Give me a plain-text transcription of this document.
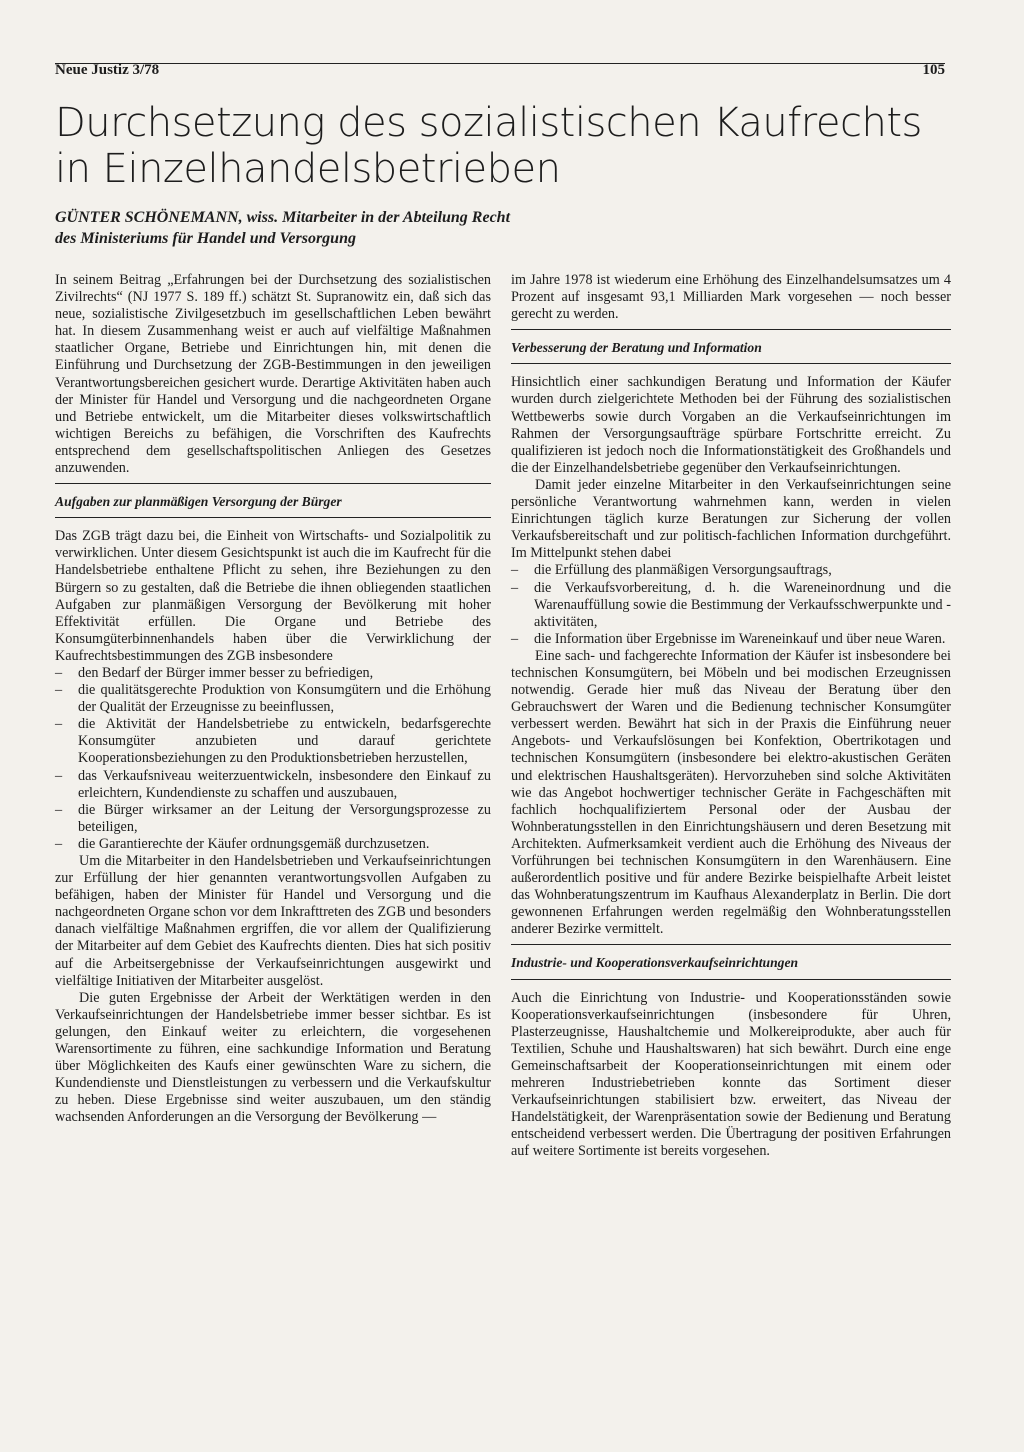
Neue Justiz 3/78	105
Durchsetzung des sozialistischen Kaufrechts
in Einzelhandelsbetrieben
GÜNTER SCHÖNEMANN, wiss. Mitarbeiter in der Abteilung Recht
des Ministeriums für Handel und Versorgung

In seinem Beitrag „Erfahrungen bei der Durchsetzung des sozialistischen Zivilrechts“ (NJ 1977 S. 189 ff.) schätzt St. Supranowitz ein, daß sich das neue, sozialistische Zivilgesetzbuch im gesellschaftlichen Leben bewährt hat. In diesem Zusammenhang weist er auch auf vielfältige Maßnahmen staatlicher Organe, Betriebe und Einrichtungen hin, mit denen die Einführung und Durchsetzung der ZGB-Bestimmungen in den jeweiligen Verantwortungsbereichen gesichert wurde. Derartige Aktivitäten haben auch der Minister für Handel und Versorgung und die nachgeordneten Organe und Betriebe entwickelt, um die Mitarbeiter dieses volkswirtschaftlich wichtigen Bereichs zu befähigen, die Vorschriften des Kaufrechts entsprechend dem gesellschaftspolitischen Anliegen des Gesetzes anzuwenden.

Aufgaben zur planmäßigen Versorgung der Bürger

Das ZGB trägt dazu bei, die Einheit von Wirtschafts- und Sozialpolitik zu verwirklichen. Unter diesem Gesichtspunkt ist auch die im Kaufrecht für die Handelsbetriebe enthaltene Pflicht zu sehen, ihre Beziehungen zu den Bürgern so zu gestalten, daß die Betriebe die ihnen obliegenden staatlichen Aufgaben zur planmäßigen Versorgung der Bevölkerung mit hoher Effektivität erfüllen. Die Organe und Betriebe des Konsumgüterbinnenhandels haben über die Verwirklichung der Kaufrechtsbestimmungen des ZGB insbesondere

– den Bedarf der Bürger immer besser zu befriedigen,
– die qualitätsgerechte Produktion von Konsumgütern und die Erhöhung der Qualität der Erzeugnisse zu beeinflussen,
– die Aktivität der Handelsbetriebe zu entwickeln, bedarfsgerechte Konsumgüter anzubieten und darauf gerichtete Kooperationsbeziehungen zu den Produktionsbetrieben herzustellen,
– das Verkaufsniveau weiterzuentwickeln, insbesondere den Einkauf zu erleichtern, Kundendienste zu schaffen und auszubauen,
– die Bürger wirksamer an der Leitung der Versorgungsprozesse zu beteiligen,
– die Garantierechte der Käufer ordnungsgemäß durchzusetzen.

Um die Mitarbeiter in den Handelsbetrieben und Verkaufseinrichtungen zur Erfüllung der hier genannten verantwortungsvollen Aufgaben zu befähigen, haben der Minister für Handel und Versorgung und die nachgeordneten Organe schon vor dem Inkrafttreten des ZGB und besonders danach vielfältige Maßnahmen ergriffen, die vor allem der Qualifizierung der Mitarbeiter auf dem Gebiet des Kaufrechts dienten. Dies hat sich positiv auf die Arbeitsergebnisse der Verkaufseinrichtungen ausgewirkt und vielfältige Initiativen der Mitarbeiter ausgelöst.

Die guten Ergebnisse der Arbeit der Werktätigen werden in den Verkaufseinrichtungen der Handelsbetriebe immer besser sichtbar. Es ist gelungen, den Einkauf weiter zu erleichtern, die vorgesehenen Warensortimente zu führen, eine sachkundige Information und Beratung über Möglichkeiten des Kaufs einer gewünschten Ware zu sichern, die Kundendienste und Dienstleistungen zu verbessern und die Verkaufskultur zu heben. Diese Ergebnisse sind weiter auszubauen, um den ständig wachsenden Anforderungen an die Versorgung der Bevölkerung —

im Jahre 1978 ist wiederum eine Erhöhung des Einzelhandelsumsatzes um 4 Prozent auf insgesamt 93,1 Milliarden Mark vorgesehen — noch besser gerecht zu werden.

Verbesserung der Beratung und Information

Hinsichtlich einer sachkundigen Beratung und Information der Käufer wurden durch zielgerichtete Methoden bei der Führung des sozialistischen Wettbewerbs sowie durch Vorgaben an die Verkaufseinrichtungen im Rahmen der Versorgungsaufträge spürbare Fortschritte erreicht. Zu qualifizieren ist jedoch noch die Informationstätigkeit des Großhandels und die der Einzelhandelsbetriebe gegenüber den Verkaufseinrichtungen.

Damit jeder einzelne Mitarbeiter in den Verkaufseinrichtungen seine persönliche Verantwortung wahrnehmen kann, werden in vielen Einrichtungen täglich kurze Beratungen zur Sicherung der vollen Verkaufsbereitschaft und zur politisch-fachlichen Information durchgeführt. Im Mittelpunkt stehen dabei

– die Erfüllung des planmäßigen Versorgungsauftrags,
– die Verkaufsvorbereitung, d. h. die Wareneinordnung und die Warenauffüllung sowie die Bestimmung der Verkaufsschwerpunkte und -aktivitäten,
– die Information über Ergebnisse im Wareneinkauf und über neue Waren.

Eine sach- und fachgerechte Information der Käufer ist insbesondere bei technischen Konsumgütern, bei Möbeln und bei modischen Erzeugnissen notwendig. Gerade hier muß das Niveau der Beratung über den Gebrauchswert der Waren und die Bedienung technischer Konsumgüter verbessert werden. Bewährt hat sich in der Praxis die Einführung neuer Angebots- und Verkaufslösungen bei Konfektion, Obertrikotagen und technischen Konsumgütern (insbesondere bei elektro-akustischen Geräten und elektrischen Haushaltsgeräten). Hervorzuheben sind solche Aktivitäten wie das Angebot hochwertiger technischer Geräte in Fachgeschäften mit fachlich hochqualifiziertem Personal oder der Ausbau der Wohnberatungsstellen in den Einrichtungshäusern und deren Besetzung mit Architekten. Aufmerksamkeit verdient auch die Erhöhung des Niveaus der Vorführungen bei technischen Konsumgütern in den Warenhäusern. Eine außerordentlich positive und für andere Bezirke beispielhafte Arbeit leistet das Wohnberatungszentrum im Kaufhaus Alexanderplatz in Berlin. Die dort gewonnenen Erfahrungen werden regelmäßig den Wohnberatungsstellen anderer Bezirke vermittelt.

Industrie- und Kooperationsverkaufseinrichtungen

Auch die Einrichtung von Industrie- und Kooperationsständen sowie Kooperationsverkaufseinrichtungen (insbesondere für Uhren, Plasterzeugnisse, Haushaltchemie und Molkereiprodukte, aber auch für Textilien, Schuhe und Haushaltswaren) hat sich bewährt. Durch eine enge Gemeinschaftsarbeit der Kooperationseinrichtungen mit einem oder mehreren Industriebetrieben konnte das Sortiment dieser Verkaufseinrichtungen stabilisiert bzw. erweitert, das Niveau der Handelstätigkeit, der Warenpräsentation sowie der Bedienung und Beratung entscheidend verbessert werden. Die Übertragung der positiven Erfahrungen auf weitere Sortimente ist bereits vorgesehen.
